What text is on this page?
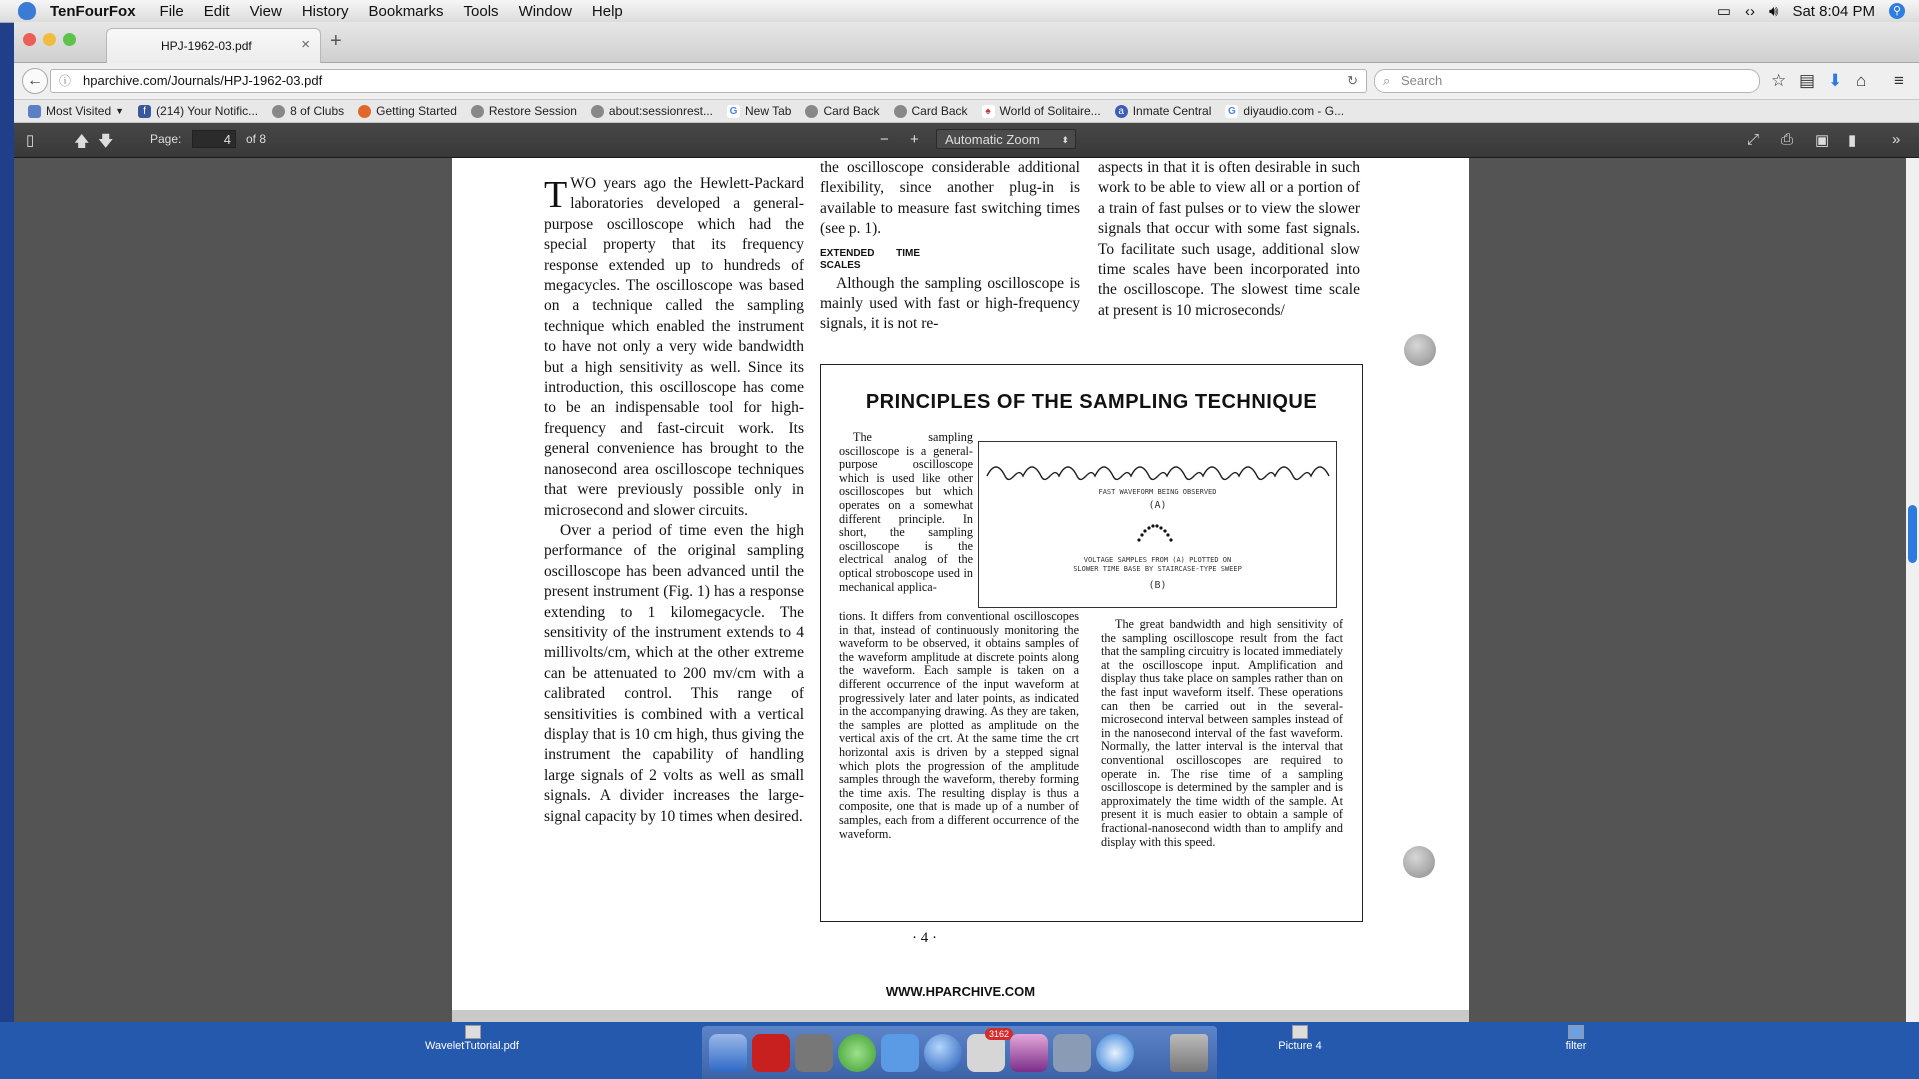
TenFourFox File Edit View History Bookmarks Tools Window Help	▭ ‹› 🔊︎ Sat 8:04 PM	⚲
HPJ-1962-03.pdf	× +
←	ⓘ hparchive.com/Journals/HPJ-1962-03.pdf	↻ ⌕ Search	☆ ▤ ⬇ ⌂ ≡
Most Visited ▼	f (214) Your Notific...	8 of Clubs	Getting Started	Restore Session	about:sessionrest... G New Tab	Card Back	Card Back	♠ World of Solitaire...	a Inmate Central G diyaudio.com - G...
▯	🡅 🡇	Page:	4	of 8	− +	Automatic Zoom ⬍	⤢ ⎙ ▣ ▮ »

TWO years ago the Hewlett-Packard laboratories developed a general-purpose oscilloscope which had the special property that its frequency response extended up to hundreds of megacycles. The oscilloscope was based on a technique called the sampling technique which enabled the instrument to have not only a very wide bandwidth but a high sensitivity as well. Since its introduction, this oscilloscope has come to be an indispensable tool for high-frequency and fast-circuit work. Its general convenience has brought to the nanosecond area oscilloscope techniques that were previously possible only in microsecond and slower circuits.

Over a period of time even the high performance of the original sampling oscilloscope has been advanced until the present instrument (Fig. 1) has a response extending to 1 kilomegacycle. The sensitivity of the instrument extends to 4 millivolts/cm, which at the other extreme can be attenuated to 200 mv/cm with a calibrated control. This range of sensitivities is combined with a vertical display that is 10 cm high, thus giving the instrument the capability of handling large signals of 2 volts as well as small signals. A divider increases the large-signal capacity by 10 times when desired.

the oscilloscope considerable additional flexibility, since another plug-in is available to measure fast switching times (see p. 1).

EXTENDED TIME SCALES

Although the sampling oscilloscope is mainly used with fast or high-frequency signals, it is not re-

aspects in that it is often desirable in such work to be able to view all or a portion of a train of fast pulses or to view the slower signals that occur with some fast signals. To facilitate such usage, additional slow time scales have been incorporated into the oscilloscope. The slowest time scale at present is 10 microseconds/

PRINCIPLES OF THE SAMPLING TECHNIQUE

The sampling oscilloscope is a general-purpose oscilloscope which is used like other oscilloscopes but which operates on a somewhat different principle. In short, the sampling oscilloscope is the electrical analog of the optical stroboscope used in mechanical applica-

FAST WAVEFORM BEING OBSERVED
(A)
VOLTAGE SAMPLES FROM (A) PLOTTED ON
SLOWER TIME BASE BY STAIRCASE-TYPE SWEEP
(B)

tions. It differs from conventional oscilloscopes in that, instead of continuously monitoring the waveform to be observed, it obtains samples of the waveform amplitude at discrete points along the waveform. Each sample is taken on a different occurrence of the input waveform at progressively later and later points, as indicated in the accompanying drawing. As they are taken, the samples are plotted as amplitude on the vertical axis of the crt. At the same time the crt horizontal axis is driven by a stepped signal which plots the progression of the amplitude samples through the waveform, thereby forming the time axis. The resulting display is thus a composite, one that is made up of a number of samples, each from a different occurrence of the waveform.

The great bandwidth and high sensitivity of the sampling oscilloscope result from the fact that the sampling circuitry is located immediately at the oscilloscope input. Amplification and display thus take place on samples rather than on the fast input waveform itself. These operations can then be carried out in the several-microsecond interval between samples instead of in the nanosecond interval of the fast waveform. Normally, the latter interval is the interval that conventional oscilloscopes are required to operate in. The rise time of a sampling oscilloscope is determined by the sampler and is approximately the time width of the sample. At present it is much easier to obtain a sample of fractional-nanosecond width than to amplify and display with this speed.

· 4 ·
WWW.HPARCHIVE.COM
WaveletTutorial.pdf
3162
Picture 4	filter
